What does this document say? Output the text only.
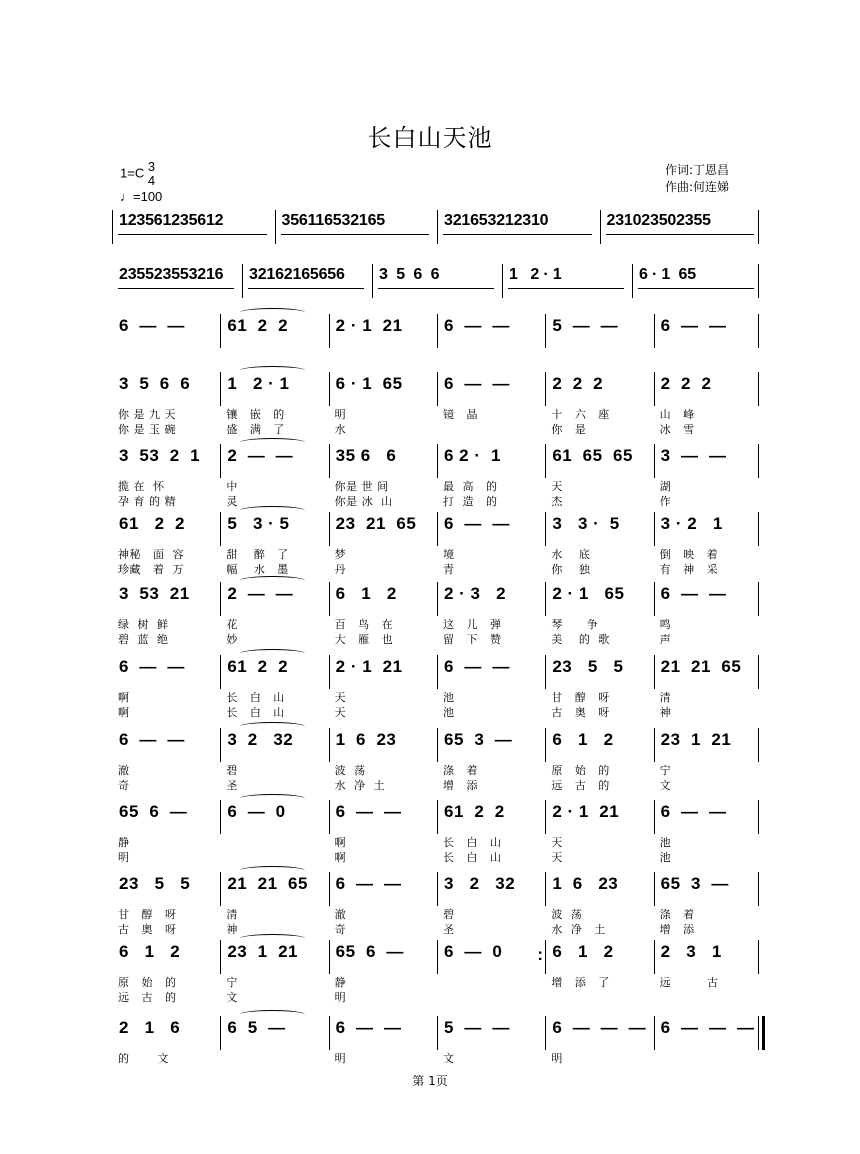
长白山天池
1=C 3
4
♩=100
作词:丁恩昌
作曲:何连娣
123561235612	356116532165	321653212310	231023502355
235523553216 32162165656 3  5  6  6	1   2 · 1	6 · 1  65
6  —  — 61  2  2	2 · 1  21 6  —  — 5  —  — 6  —  —
3  5  6  6
你 是 九 天
你 是 玉 碗
1   2 · 1
镶   嵌   的
盛   满   了
6 · 1  65
明
水
6  —  —
镜   晶
2  2  2
十   六   座
你   是
2  2  2
山   峰
冰   雪
3  53  2  1
揽 在  怀
孕 育 的 精
2  —  —
中
灵
35 6   6
你是 世 间
你是 冰  山
6 2 ·  1
最  高   的
打  造   的
61  65  65
天
杰
3  —  —
湖
作
61   2  2
神秘   面  容
珍藏   着  万
5   3 · 5
甜    醉   了
幅    水   墨
23  21  65
梦
丹
6  —  —
境
青
3   3 ·  5
水    底
你    独
3 · 2   1
倒   映   着
有   神   采
3  53  21
绿  树  鲜
碧  蓝  绝
2  —  —
花
妙
6   1   2
百   鸟   在
大   雁   也
2 · 3   2
这   儿   弹
留   下   赞
2 · 1   65
琴      争
美    的  歌
6  —  —
鸣
声
6  —  —
啊
啊
61  2  2
长   白   山
长   白   山
2 · 1  21
天
天
6  —  —
池
池
23   5   5
甘   醇   呀
古   奥   呀
21  21  65
清
神
6  —  —
澈
奇
3  2   32
碧
圣
1  6  23
波  荡
水  净  土
65  3  —
涤   着
增   添
6   1   2
原   始   的
远   古   的
23  1  21
宁
文
65  6  —
静
明
6  —  0	6  —  —
啊
啊
61  2  2
长   白   山
长   白   山
2 · 1  21
天
天
6  —  —
池
池
23   5   5
甘   醇   呀
古   奥   呀
21  21  65
清
神
6  —  —
澈
奇
3   2   32
碧
圣
1  6   23
波  荡
水  净   土
65  3  —
涤   着
增   添
6   1   2
原   始   的
远   古   的
23  1  21
宁
文
65  6  —
静
明
6  —  0
:	6   1   2
增   添   了
2   3   1
远         古
2   1   6
的       文
6  5  —	6  —  —
明
5  —  —
文
6  —  —  —
明
6  —  —  —
第 1页
